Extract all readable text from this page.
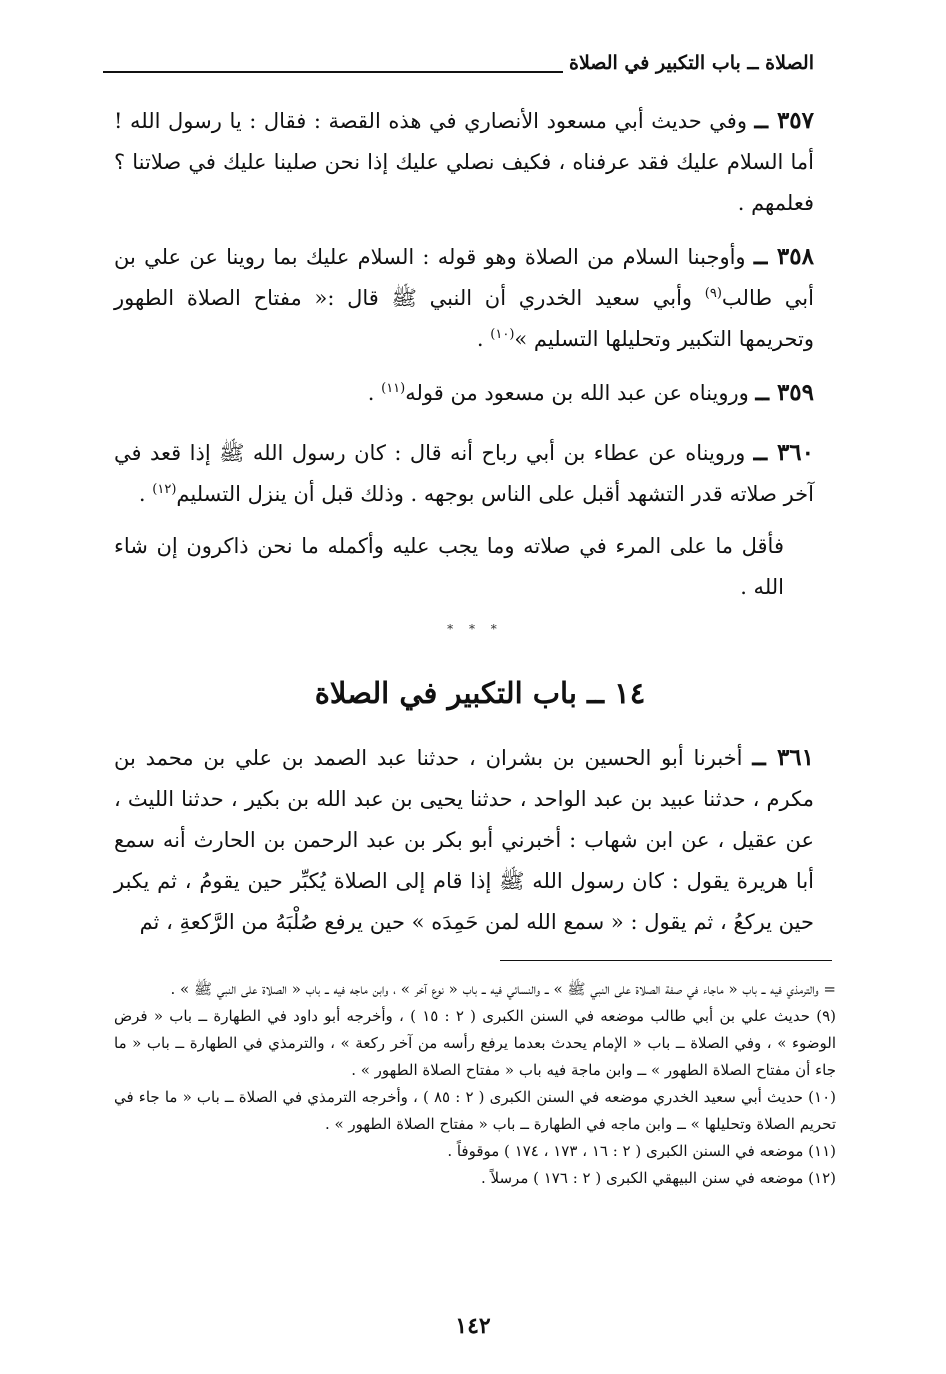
الصلاة ــ باب التكبير في الصلاة

٣٥٧ ــ وفي حديث أبي مسعود الأنصاري في هذه القصة : فقال : يا رسول الله ! أما السلام عليك فقد عرفناه ، فكيف نصلي عليك إذا نحن صلينا عليك في صلاتنا ؟ فعلمهم .

٣٥٨ ــ وأوجبنا السلام من الصلاة وهو قوله : السلام عليك بما روينا عن علي بن أبي طالب$^{(٩)}$ وأبي سعيد الخدري أن النبي ﷺ قال :« مفتاح الصلاة الطهور وتحريمها التكبير وتحليلها التسليم »$^{(١٠)}$ .

٣٥٩ ــ ورويناه عن عبد الله بن مسعود من قوله$^{(١١)}$ .

٣٦٠ ــ ورويناه عن عطاء بن أبي رباح أنه قال : كان رسول الله ﷺ إذا قعد في آخر صلاته قدر التشهد أقبل على الناس بوجهه . وذلك قبل أن ينزل التسليم$^{(١٢)}$ .

فأقل ما على المرء في صلاته وما يجب عليه وأكمله ما نحن ذاكرون إن شاء الله .

* * *
١٤ ــ باب التكبير في الصلاة

٣٦١ ــ أخبرنا أبو الحسين بن بشران ، حدثنا عبد الصمد بن علي بن محمد بن مكرم ، حدثنا عبيد بن عبد الواحد ، حدثنا يحيى بن عبد الله بن بكير ، حدثنا الليث ، عن عقيل ، عن ابن شهاب : أخبرني أبو بكر بن عبد الرحمن بن الحارث أنه سمع أبا هريرة يقول : كان رسول الله ﷺ إذا قام إلى الصلاة يُكبِّر حين يقومُ ، ثم يكبر حين يركعُ ، ثم يقول : « سمع الله لمن حَمِدَه » حين يرفع صُلْبَهُ من الرَّكعةِ ، ثم

= والترمذي فيه ــ باب « ماجاء في صفة الصلاة على النبي ﷺ » ــ والنسائي فيه ــ باب « نوع آخر » ، وابن ماجه فيه ــ باب « الصلاة على النبي ﷺ » .

(٩) حديث علي بن أبي طالب موضعه في السنن الكبرى ( ٢ : ١٥ ) ، وأخرجه أبو داود في الطهارة ــ باب « فرض الوضوء » ، وفي الصلاة ــ باب « الإمام يحدث بعدما يرفع رأسه من آخر ركعة » ، والترمذي في الطهارة ــ باب « ما جاء أن مفتاح الصلاة الطهور » ــ وابن ماجة فيه باب « مفتاح الصلاة الطهور » .

(١٠) حديث أبي سعيد الخدري موضعه في السنن الكبرى ( ٢ : ٨٥ ) ، وأخرجه الترمذي في الصلاة ــ باب « ما جاء في تحريم الصلاة وتحليلها » ــ وابن ماجه في الطهارة ــ باب « مفتاح الصلاة الطهور » .

(١١) موضعه في السنن الكبرى ( ٢ : ١٦ ، ١٧٣ ، ١٧٤ ) موقوفاً .

(١٢) موضعه في سنن البيهقي الكبرى ( ٢ : ١٧٦ ) مرسلاً .

١٤٢
